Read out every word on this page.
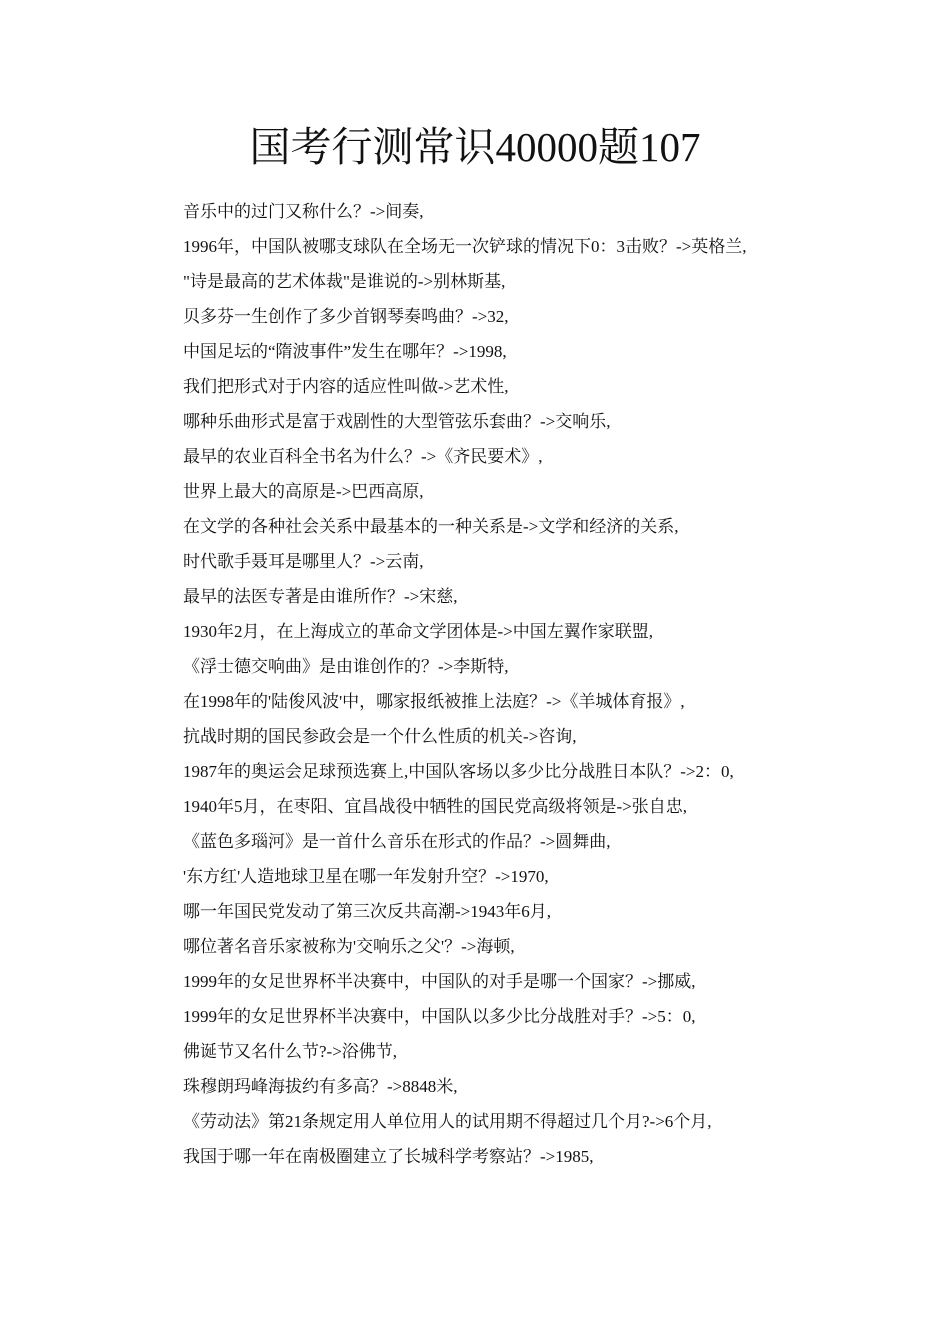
国考行测常识40000题107

音乐中的过门又称什么？->间奏,

1996年，中国队被哪支球队在全场无一次铲球的情况下0：3击败？->英格兰,

"诗是最高的艺术体裁"是谁说的->别林斯基,

贝多芬一生创作了多少首钢琴奏鸣曲？->32,

中国足坛的“隋波事件”发生在哪年？->1998,

我们把形式对于内容的适应性叫做->艺术性,

哪种乐曲形式是富于戏剧性的大型管弦乐套曲？->交响乐,

最早的农业百科全书名为什么？->《齐民要术》,

世界上最大的高原是->巴西高原,

在文学的各种社会关系中最基本的一种关系是->文学和经济的关系,

时代歌手聂耳是哪里人？->云南,

最早的法医专著是由谁所作？->宋慈,

1930年2月，在上海成立的革命文学团体是->中国左翼作家联盟,

《浮士德交响曲》是由谁创作的？->李斯特,

在1998年的'陆俊风波'中，哪家报纸被推上法庭？->《羊城体育报》,

抗战时期的国民参政会是一个什么性质的机关->咨询,

1987年的奥运会足球预选赛上,中国队客场以多少比分战胜日本队？->2：0,

1940年5月，在枣阳、宜昌战役中牺牲的国民党高级将领是->张自忠,

《蓝色多瑙河》是一首什么音乐在形式的作品？->圆舞曲,

'东方红'人造地球卫星在哪一年发射升空？->1970,

哪一年国民党发动了第三次反共高潮->1943年6月,

哪位著名音乐家被称为'交响乐之父'？->海顿,

1999年的女足世界杯半决赛中，中国队的对手是哪一个国家？->挪威,

1999年的女足世界杯半决赛中，中国队以多少比分战胜对手？->5：0,

佛诞节又名什么节?->浴佛节,

珠穆朗玛峰海拔约有多高？->8848米,

《劳动法》第21条规定用人单位用人的试用期不得超过几个月?->6个月,

我国于哪一年在南极圈建立了长城科学考察站？->1985,
